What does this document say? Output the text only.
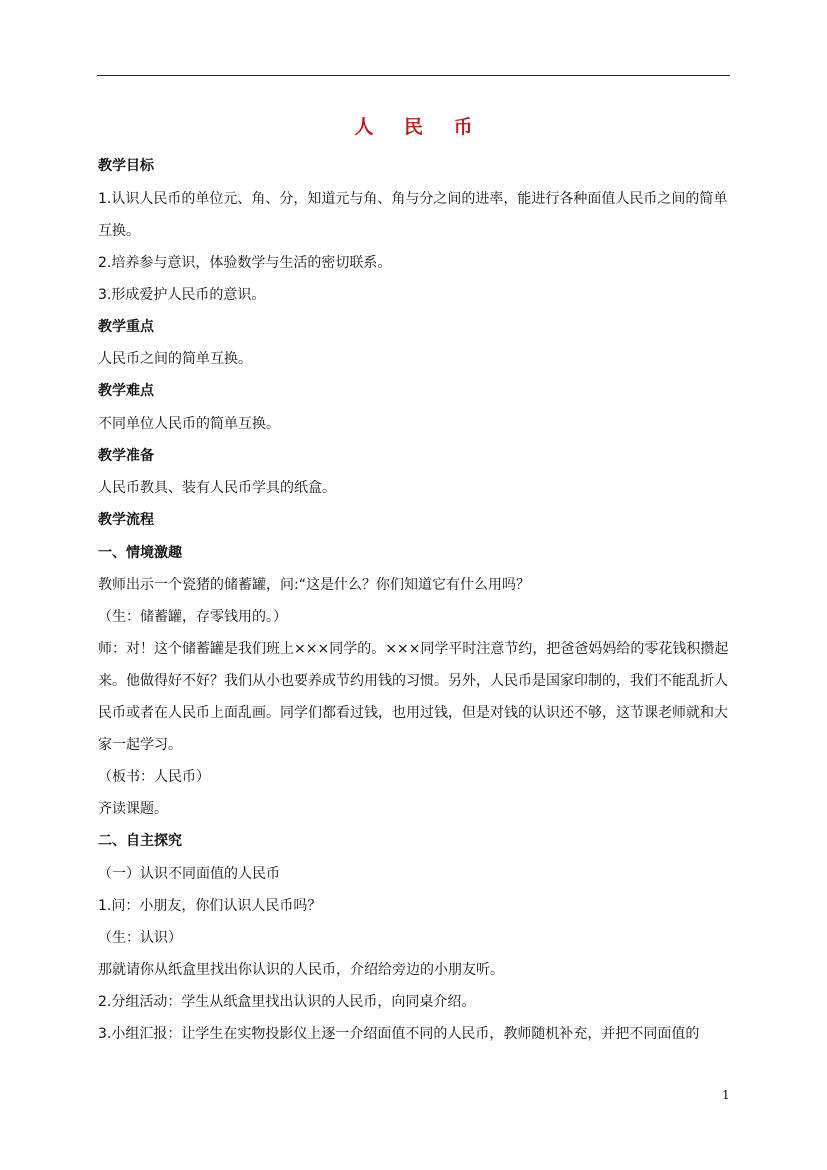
人 民 币

教学目标

1.认识人民币的单位元、角、分，知道元与角、角与分之间的进率，能进行各种面值人民币之间的简单互换。

2.培养参与意识，体验数学与生活的密切联系。

3.形成爱护人民币的意识。

教学重点

人民币之间的简单互换。

教学难点

不同单位人民币的简单互换。

教学准备

人民币教具、装有人民币学具的纸盒。

教学流程

一、情境激趣

教师出示一个瓷猪的储蓄罐，问:“这是什么？你们知道它有什么用吗？

（生：储蓄罐，存零钱用的。）

师：对！这个储蓄罐是我们班上×××同学的。×××同学平时注意节约，把爸爸妈妈给的零花钱积攒起来。他做得好不好？我们从小也要养成节约用钱的习惯。另外，人民币是国家印制的，我们不能乱折人民币或者在人民币上面乱画。同学们都看过钱，也用过钱，但是对钱的认识还不够，这节课老师就和大家一起学习。

（板书：人民币）

齐读课题。

二、自主探究

（一）认识不同面值的人民币

1.问：小朋友，你们认识人民币吗？

（生：认识）

那就请你从纸盒里找出你认识的人民币，介绍给旁边的小朋友听。

2.分组活动：学生从纸盒里找出认识的人民币，向同桌介绍。

3.小组汇报：让学生在实物投影仪上逐一介绍面值不同的人民币，教师随机补充，并把不同面值的

1
